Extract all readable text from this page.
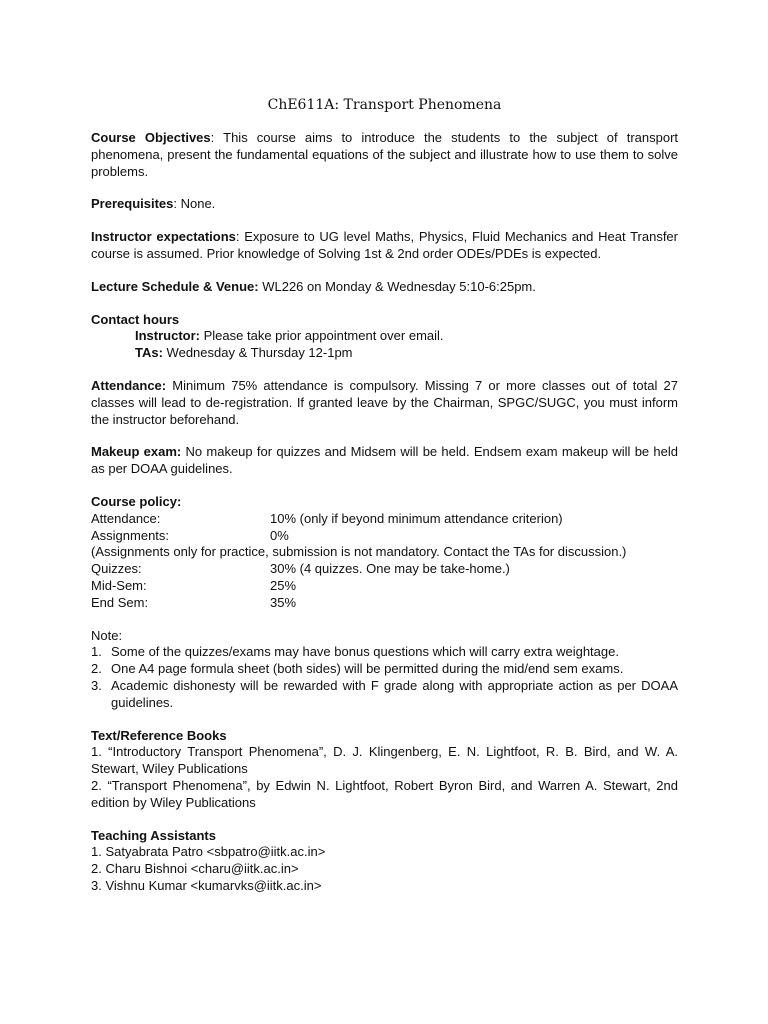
ChE611A: Transport Phenomena

Course Objectives: This course aims to introduce the students to the subject of transport phenomena, present the fundamental equations of the subject and illustrate how to use them to solve problems.

Prerequisites: None.

Instructor expectations: Exposure to UG level Maths, Physics, Fluid Mechanics and Heat Transfer course is assumed. Prior knowledge of Solving 1st & 2nd order ODEs/PDEs is expected.

Lecture Schedule & Venue: WL226 on Monday & Wednesday 5:10-6:25pm.

Contact hours

Instructor: Please take prior appointment over email.

TAs: Wednesday & Thursday 12-1pm

Attendance: Minimum 75% attendance is compulsory. Missing 7 or more classes out of total 27 classes will lead to de-registration. If granted leave by the Chairman, SPGC/SUGC, you must inform the instructor beforehand.

Makeup exam: No makeup for quizzes and Midsem will be held. Endsem exam makeup will be held as per DOAA guidelines.

Course policy:

Attendance:	10% (only if beyond minimum attendance criterion)
Assignments:	0%

(Assignments only for practice, submission is not mandatory. Contact the TAs for discussion.)

Quizzes:	30% (4 quizzes. One may be take-home.)
Mid-Sem:	25%
End Sem:	35%

Note:

1. Some of the quizzes/exams may have bonus questions which will carry extra weightage.
2. One A4 page formula sheet (both sides) will be permitted during the mid/end sem exams.
3. Academic dishonesty will be rewarded with F grade along with appropriate action as per DOAA guidelines.

Text/Reference Books

1. “Introductory Transport Phenomena”, D. J. Klingenberg, E. N. Lightfoot, R. B. Bird, and W. A. Stewart, Wiley Publications

2. “Transport Phenomena”, by Edwin N. Lightfoot, Robert Byron Bird, and Warren A. Stewart, 2nd edition by Wiley Publications

Teaching Assistants

1. Satyabrata Patro <sbpatro@iitk.ac.in>

2. Charu Bishnoi <charu@iitk.ac.in>

3. Vishnu Kumar <kumarvks@iitk.ac.in>
